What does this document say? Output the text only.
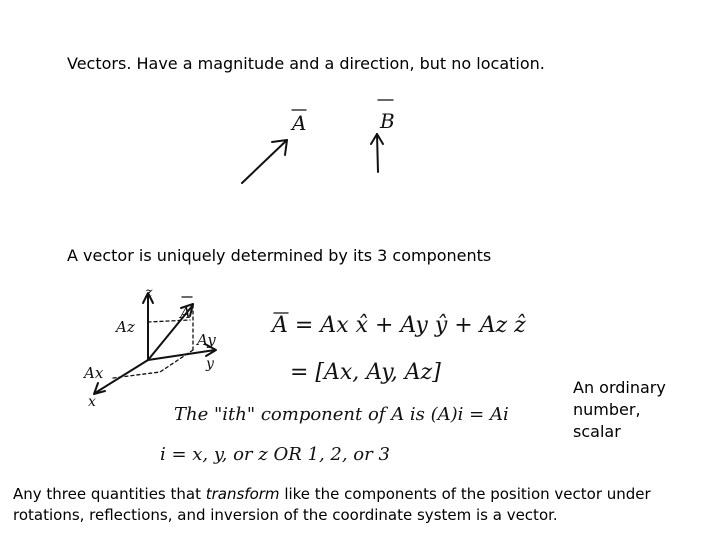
Vectors. Have a magnitude and a direction, but no location.
A	B
A vector is uniquely determined by its 3 components
z
y
x
A
Az
Ay
Ax
A = Ax x̂ + Ay ŷ + Az ẑ
= [Ax, Ay, Az]
The "ith" component of A is (A)i = Ai
i = x, y, or z OR 1, 2, or 3
An ordinary number, scalar
Any three quantities that transform like the components of the position vector under rotations, reflections, and inversion of the coordinate system is a vector.
